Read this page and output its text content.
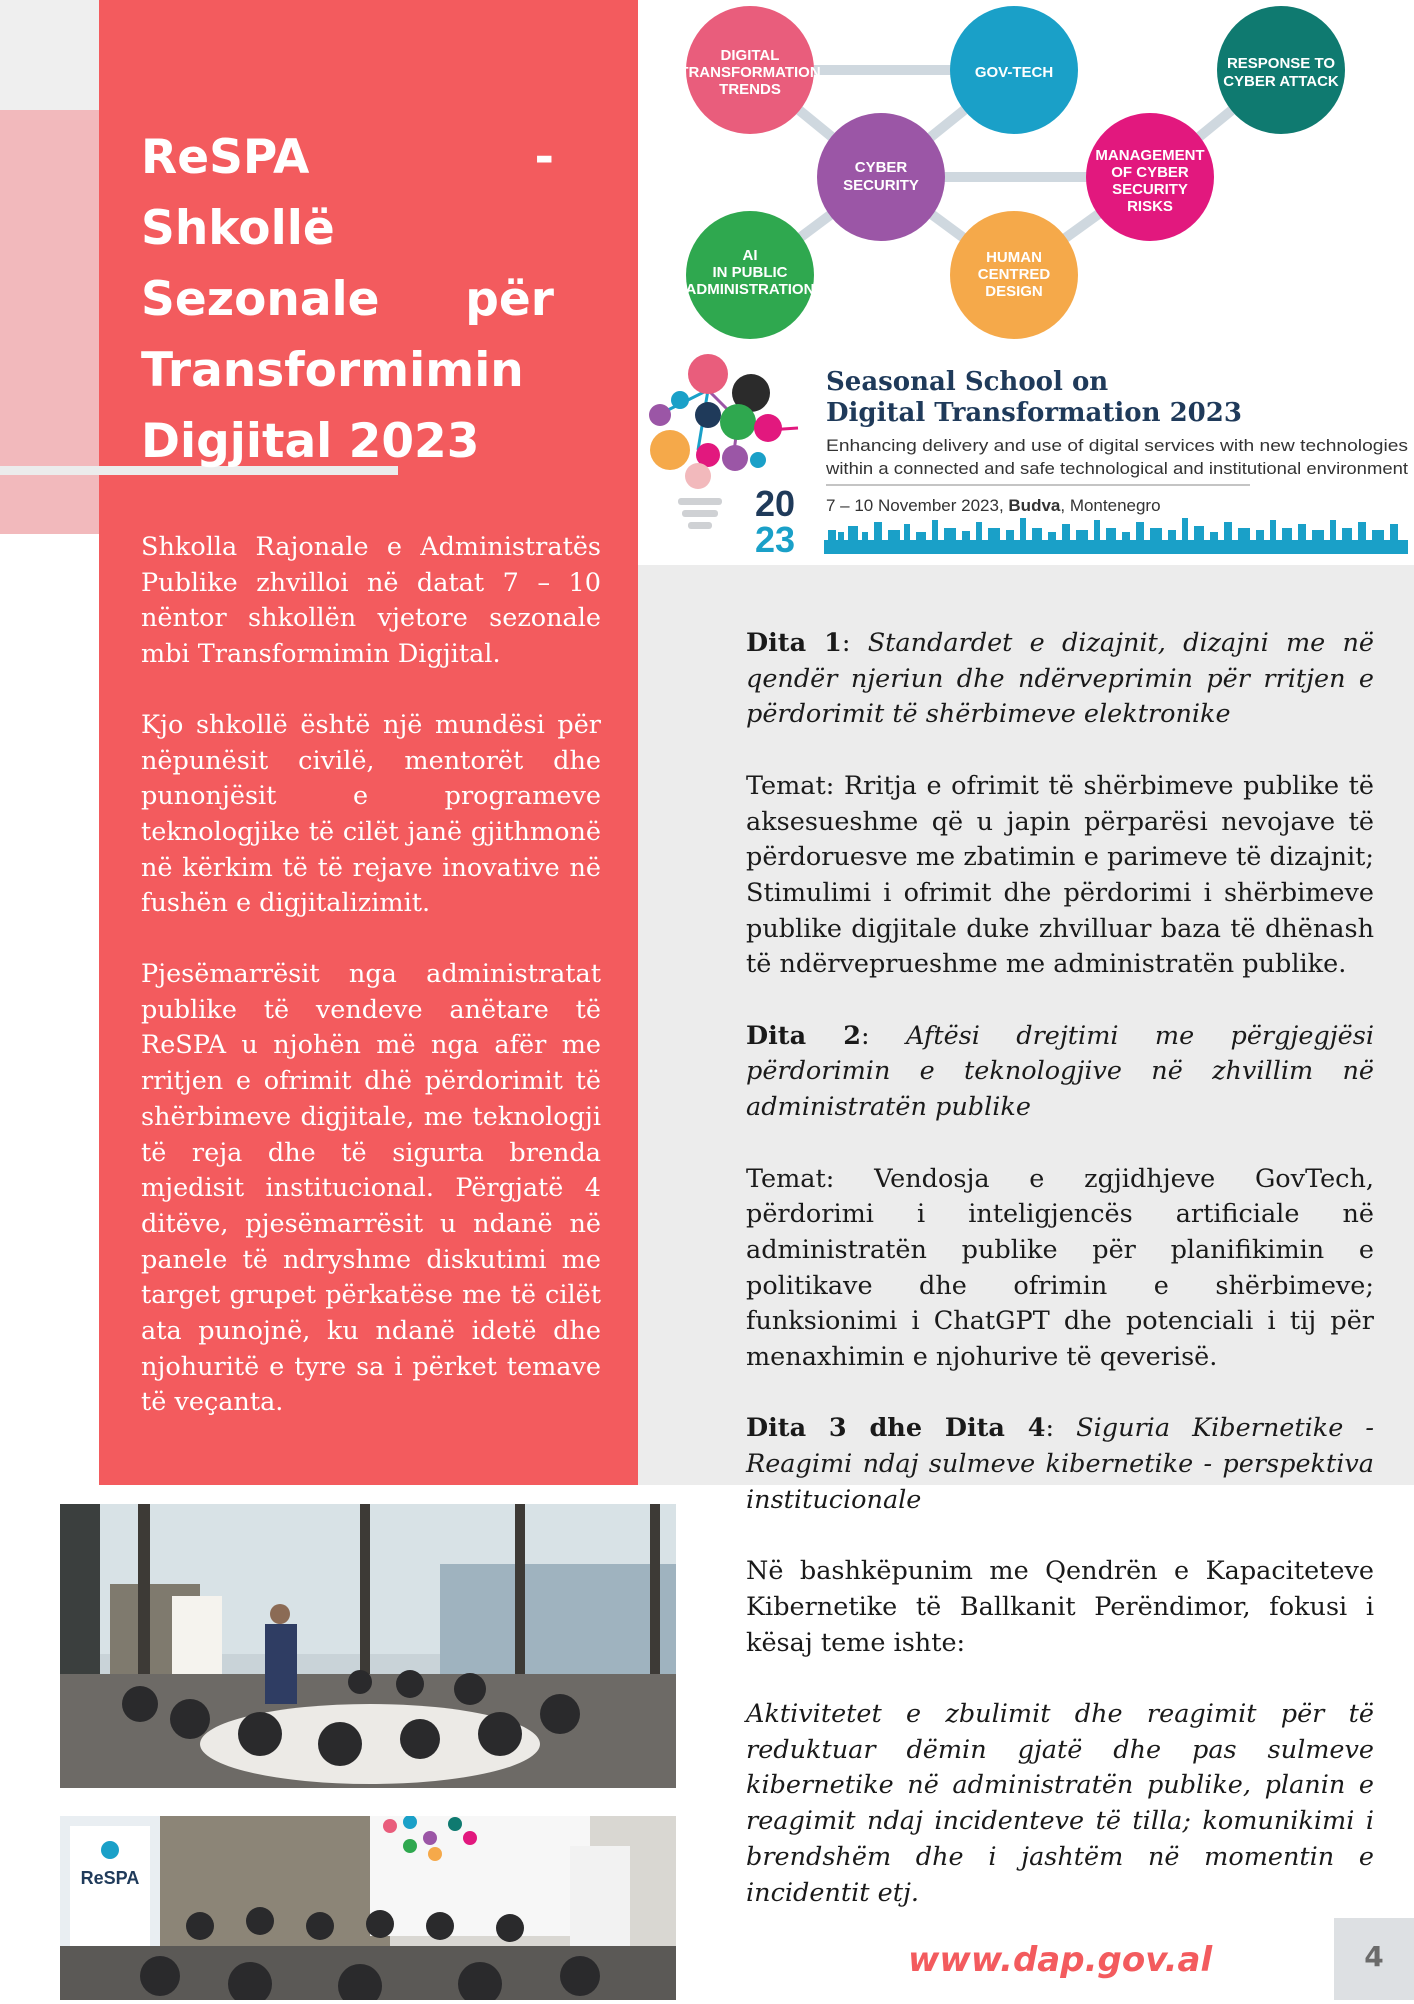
ReSPA - Shkollë Sezonale për Transformimin Digjital 2023

Shkolla Rajonale e Administratës Publike zhvilloi në datat 7 – 10 nëntor shkollën vjetore sezonale mbi Transformimin Digjital.

Kjo shkollë është një mundësi për nëpunësit civilë, mentorët dhe punonjësit e programeve teknologjike të cilët janë gjithmonë në kërkim të të rejave inovative në fushën e digjitalizimit.

Pjesëmarrësit nga administratat publike të vendeve anëtare të ReSPA u njohën më nga afër me rritjen e ofrimit dhë përdorimit të shërbimeve digjitale, me teknologji të reja dhe të sigurta brenda mjedisit institucional. Përgjatë 4 ditëve, pjesëmarrësit u ndanë në panele të ndryshme diskutimi me target grupet përkatëse me të cilët ata punojnë, ku ndanë idetë dhe njohuritë e tyre sa i përket temave të veçanta.

DIGITAL
TRANSFORMATION
TRENDS
GOV-TECH
RESPONSE TO
CYBER ATTACK
CYBER
SECURITY
MANAGEMENT
OF CYBER
SECURITY
RISKS
AI
IN PUBLIC
ADMINISTRATION
HUMAN
CENTRED
DESIGN
20
23
Seasonal School on
Digital Transformation 2023
Enhancing delivery and use of digital services with new technologies
within a connected and safe technological and institutional environment
7 – 10 November 2023, Budva, Montenegro

Dita 1: Standardet e dizajnit, dizajni me në qendër njeriun dhe ndërveprimin për rritjen e përdorimit të shërbimeve elektronike

Temat: Rritja e ofrimit të shërbimeve publike të aksesueshme që u japin përparësi nevojave të përdoruesve me zbatimin e parimeve të dizajnit; Stimulimi i ofrimit dhe përdorimi i shërbimeve publike digjitale duke zhvilluar baza të dhënash të ndërveprueshme me administratën publike.

Dita 2: Aftësi drejtimi me përgjegjësi përdorimin e teknologjive në zhvillim në administratën publike

Temat: Vendosja e zgjidhjeve GovTech, përdorimi i inteligjencës artificiale në administratën publike për planifikimin e politikave dhe ofrimin e shërbimeve; funksionimi i ChatGPT dhe potenciali i tij për menaxhimin e njohurive të qeverisë.

Dita 3 dhe Dita 4: Siguria Kibernetike - Reagimi ndaj sulmeve kibernetike - perspektiva institucionale

Në bashkëpunim me Qendrën e Kapaciteteve Kibernetike të Ballkanit Perëndimor, fokusi i kësaj teme ishte:

Aktivitetet e zbulimit dhe reagimit për të reduktuar dëmin gjatë dhe pas sulmeve kibernetike në administratën publike, planin e reagimit ndaj incidenteve të tilla; komunikimi i brendshëm dhe i jashtëm në momentin e incidentit etj.

ReSPA
www.dap.gov.al	4
